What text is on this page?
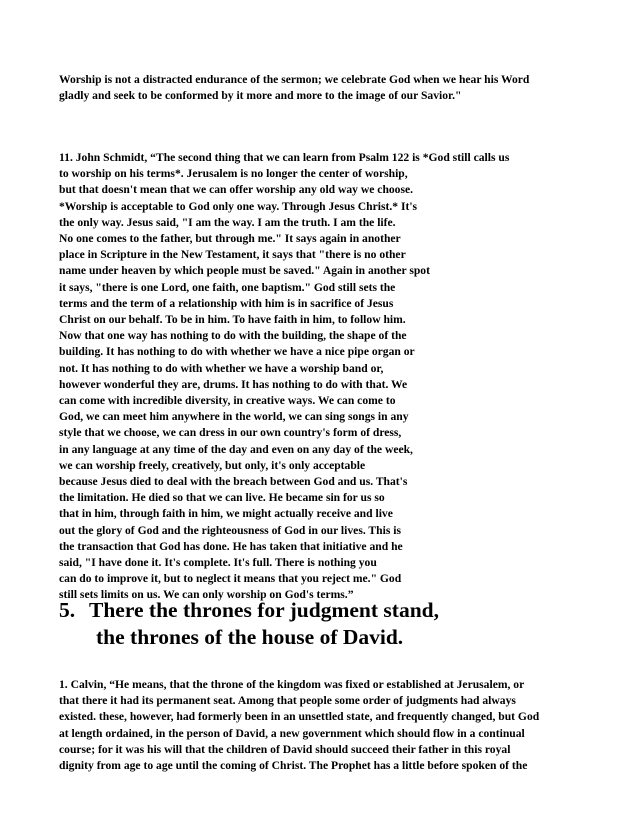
Worship is not a distracted endurance of the sermon; we celebrate God when we hear his Word
gladly and seek to be conformed by it more and more to the image of our Savior."
11. John Schmidt, “The second thing that we can learn from Psalm 122 is *God still calls us
to worship on his terms*. Jerusalem is no longer the center of worship,
but that doesn't mean that we can offer worship any old way we choose.
*Worship is acceptable to God only one way. Through Jesus Christ.* It's
the only way. Jesus said, "I am the way. I am the truth. I am the life.
No one comes to the father, but through me." It says again in another
place in Scripture in the New Testament, it says that "there is no other
name under heaven by which people must be saved." Again in another spot
it says, "there is one Lord, one faith, one baptism." God still sets the
terms and the term of a relationship with him is in sacrifice of Jesus
Christ on our behalf. To be in him. To have faith in him, to follow him.
Now that one way has nothing to do with the building, the shape of the
building. It has nothing to do with whether we have a nice pipe organ or
not. It has nothing to do with whether we have a worship band or,
however wonderful they are, drums. It has nothing to do with that. We
can come with incredible diversity, in creative ways. We can come to
God, we can meet him anywhere in the world, we can sing songs in any
style that we choose, we can dress in our own country's form of dress,
in any language at any time of the day and even on any day of the week,
we can worship freely, creatively, but only, it's only acceptable
because Jesus died to deal with the breach between God and us. That's
the limitation. He died so that we can live. He became sin for us so
that in him, through faith in him, we might actually receive and live
out the glory of God and the righteousness of God in our lives. This is
the transaction that God has done. He has taken that initiative and he
said, "I have done it. It's complete. It's full. There is nothing you
can do to improve it, but to neglect it means that you reject me." God
still sets limits on us. We can only worship on God's terms.”
5. There the thrones for judgment stand,
the thrones of the house of David.
1. Calvin, “He means, that the throne of the kingdom was fixed or established at Jerusalem, or
that there it had its permanent seat. Among that people some order of judgments had always
existed. these, however, had formerly been in an unsettled state, and frequently changed, but God
at length ordained, in the person of David, a new government which should flow in a continual
course; for it was his will that the children of David should succeed their father in this royal
dignity from age to age until the coming of Christ. The Prophet has a little before spoken of the
